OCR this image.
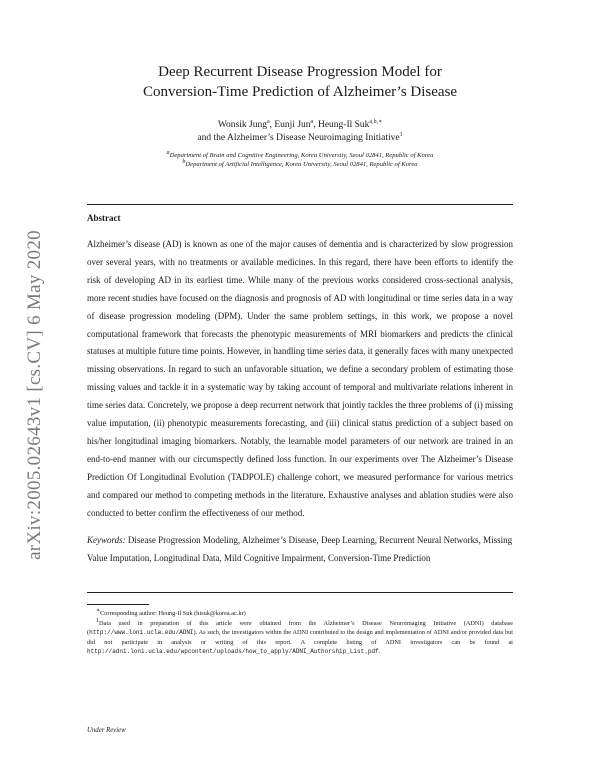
arXiv:2005.02643v1 [cs.CV] 6 May 2020
Deep Recurrent Disease Progression Model for
Conversion-Time Prediction of Alzheimer’s Disease
Wonsik Jung$^a$, Eunji Jun$^a$, Heung-Il Suk$^{a,b,∗}$
and the Alzheimer’s Disease Neuroimaging Initiative$^1$
$^a$Department of Brain and Cognitive Engineering, Korea University, Seoul 02841, Republic of Korea
$^b$Department of Artificial Intelligence, Korea University, Seoul 02841, Republic of Korea
Abstract
Alzheimer’s disease (AD) is known as one of the major causes of dementia and is characterized by slow progression over several years, with no treatments or available medicines. In this regard, there have been efforts to identify the risk of developing AD in its earliest time. While many of the previous works considered cross-sectional analysis, more recent studies have focused on the diagnosis and prognosis of AD with longitudinal or time series data in a way of disease progression modeling (DPM). Under the same problem settings, in this work, we propose a novel computational framework that forecasts the phenotypic measurements of MRI biomarkers and predicts the clinical statuses at multiple future time points. However, in handling time series data, it generally faces with many unexpected missing observations. In regard to such an unfavorable situation, we define a secondary problem of estimating those missing values and tackle it in a systematic way by taking account of temporal and multivariate relations inherent in time series data. Concretely, we propose a deep recurrent network that jointly tackles the three problems of (i) missing value imputation, (ii) phenotypic measurements forecasting, and (iii) clinical status prediction of a subject based on his/her longitudinal imaging biomarkers. Notably, the learnable model parameters of our network are trained in an end-to-end manner with our circumspectly defined loss function. In our experiments over The Alzheimer’s Disease Prediction Of Longitudinal Evolution (TADPOLE) challenge cohort, we measured performance for various metrics and compared our method to competing methods in the literature. Exhaustive analyses and ablation studies were also conducted to better confirm the effectiveness of our method.
Keywords: Disease Progression Modeling, Alzheimer’s Disease, Deep Learning, Recurrent Neural Networks, Missing Value Imputation, Longitudinal Data, Mild Cognitive Impairment, Conversion-Time Prediction

∗Corresponding author: Heung-Il Suk (hisuk@korea.ac.kr)

$^1$Data used in preparation of this article were obtained from the Alzheimer’s Disease Neuroimaging Initiative (ADNI) database (http://www.loni.ucla.edu/ADNI). As such, the investigators within the ADNI contributed to the design and implementation of ADNI and/or provided data but did not participate in analysis or writing of this report. A complete listing of ADNI investigators can be found at http://adni.loni.ucla.edu/wpcontent/uploads/how_to_apply/ADNI_Authorship_List.pdf.

Under Review
